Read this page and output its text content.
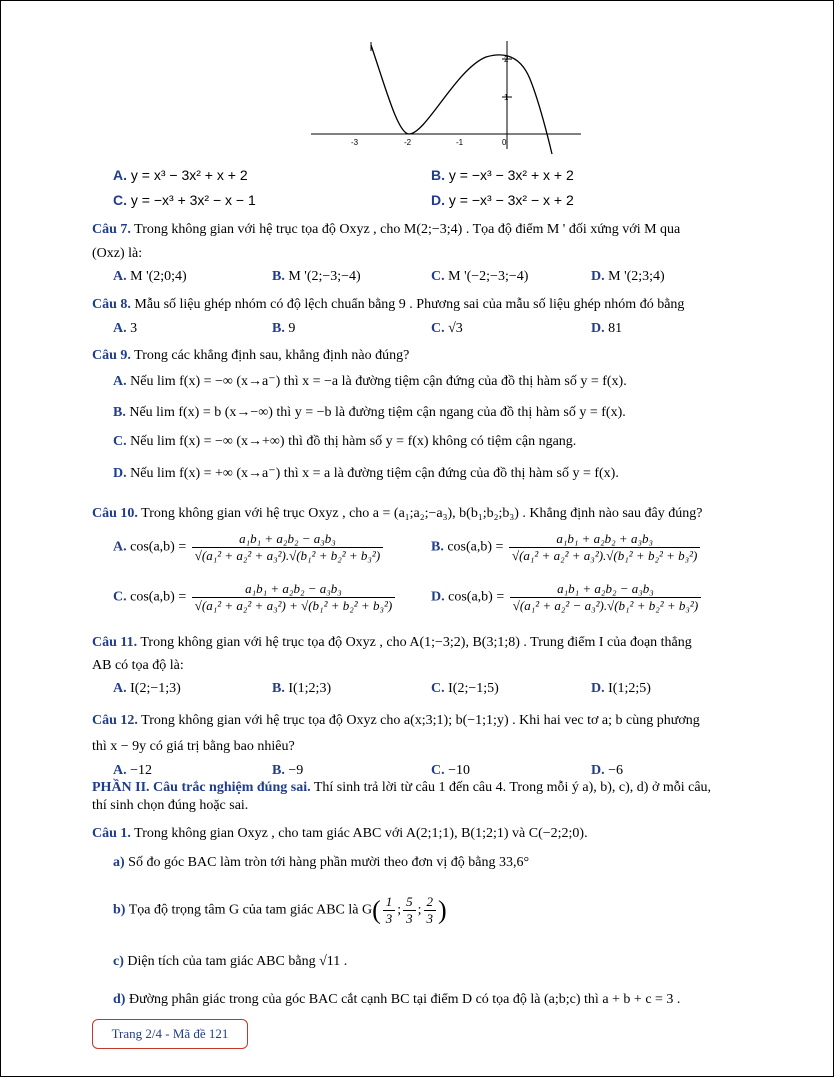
-3	-2	-1	0
1
2
A. y = x³ − 3x² + x + 2	B. y = −x³ − 3x² + x + 2
C. y = −x³ + 3x² − x − 1	D. y = −x³ − 3x² − x + 2
Câu 7. Trong không gian với hệ trục tọa độ Oxyz , cho M(2;−3;4) . Tọa độ điểm M ' đối xứng với M qua
(Oxz) là:
A. M '(2;0;4)	B. M '(2;−3;−4)	C. M '(−2;−3;−4)	D. M '(2;3;4)
Câu 8. Mẫu số liệu ghép nhóm có độ lệch chuẩn bằng 9 . Phương sai của mẫu số liệu ghép nhóm đó bằng
A. 3	B. 9	C. √3	D. 81
Câu 9. Trong các khẳng định sau, khẳng định nào đúng?
A. Nếu lim f(x) = −∞ (x→a⁻) thì x = −a là đường tiệm cận đứng của đồ thị hàm số y = f(x).
B. Nếu lim f(x) = b (x→−∞) thì y = −b là đường tiệm cận ngang của đồ thị hàm số y = f(x).
C. Nếu lim f(x) = −∞ (x→+∞) thì đồ thị hàm số y = f(x) không có tiệm cận ngang.
D. Nếu lim f(x) = +∞ (x→a⁻) thì x = a là đường tiệm cận đứng của đồ thị hàm số y = f(x).
Câu 10. Trong không gian với hệ trục Oxyz , cho a = (a₁;a₂;−a₃), b(b₁;b₂;b₃) . Khẳng định nào sau đây đúng?
A. $\cos(a,b) = \frac{\text{a₁b₁ + a₂b₂ − a₃b₃}}{\text{√(a₁² + a₂² + a₃²).√(b₁² + b₂² + b₃²)}}$	B. $\cos(a,b) = \frac{\text{a₁b₁ + a₂b₂ + a₃b₃}}{\text{√(a₁² + a₂² + a₃²).√(b₁² + b₂² + b₃²)}}$
C. $\cos(a,b) = \frac{\text{a₁b₁ + a₂b₂ − a₃b₃}}{\text{√(a₁² + a₂² + a₃²) + √(b₁² + b₂² + b₃²)}}$	D. $\cos(a,b) = \frac{\text{a₁b₁ + a₂b₂ − a₃b₃}}{\text{√(a₁² + a₂² − a₃²).√(b₁² + b₂² + b₃²)}}$
Câu 11. Trong không gian với hệ trục tọa độ Oxyz , cho A(1;−3;2), B(3;1;8) . Trung điểm I của đoạn thẳng
AB có tọa độ là:
A. I(2;−1;3)	B. I(1;2;3)	C. I(2;−1;5)	D. I(1;2;5)
Câu 12. Trong không gian với hệ trục tọa độ Oxyz cho a(x;3;1); b(−1;1;y) . Khi hai vec tơ a; b cùng phương
thì x − 9y có giá trị bằng bao nhiêu?
A. −12	B. −9	C. −10	D. −6
PHẦN II. Câu trắc nghiệm đúng sai. Thí sinh trả lời từ câu 1 đến câu 4. Trong mỗi ý a), b), c), d) ở mỗi câu,
thí sinh chọn đúng hoặc sai.
Câu 1. Trong không gian Oxyz , cho tam giác ABC với A(2;1;1), B(1;2;1) và C(−2;2;0).
a) Số đo góc BAC làm tròn tới hàng phần mười theo đơn vị độ bằng 33,6°
b) Tọa độ trọng tâm G của tam giác ABC là $G( \frac{1}{3}$ ; $\frac{5}{3}$ ; $\frac{2}{3}$ )
c) Diện tích của tam giác ABC bằng √11 .
d) Đường phân giác trong của góc BAC cắt cạnh BC tại điểm D có tọa độ là (a;b;c) thì a + b + c = 3 .
Trang 2/4 - Mã đề 121
